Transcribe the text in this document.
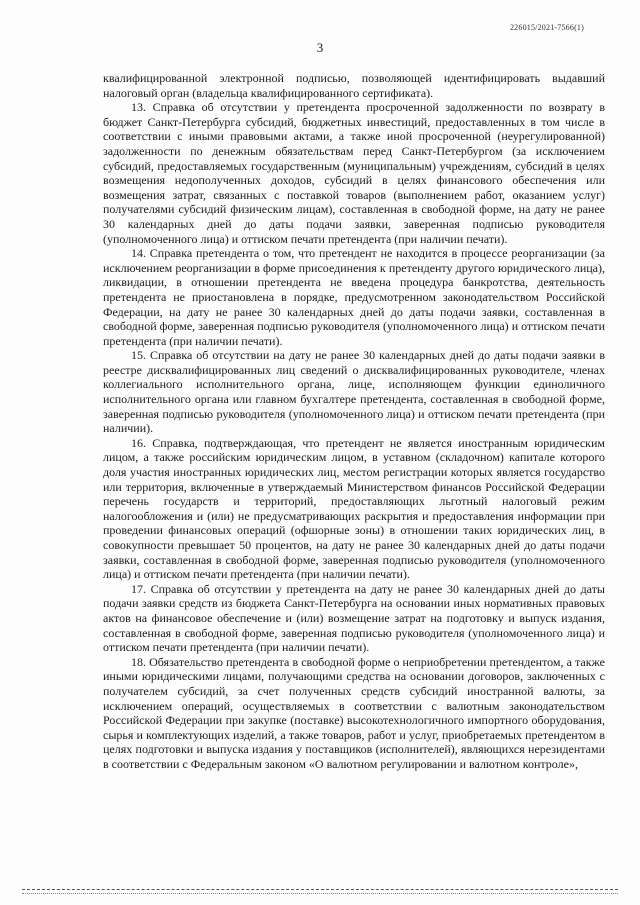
226015/2021-7566(1)
3

квалифицированной электронной подписью, позволяющей идентифицировать выдавший налоговый орган (владельца квалифицированного сертификата).

13. Справка об отсутствии у претендента просроченной задолженности по возврату в бюджет Санкт-Петербурга субсидий, бюджетных инвестиций, предоставленных в том числе в соответствии с иными правовыми актами, а также иной просроченной (неурегулированной) задолженности по денежным обязательствам перед Санкт-Петербургом (за исключением субсидий, предоставляемых государственным (муниципальным) учреждениям, субсидий в целях возмещения недополученных доходов, субсидий в целях финансового обеспечения или возмещения затрат, связанных с поставкой товаров (выполнением работ, оказанием услуг) получателями субсидий физическим лицам), составленная в свободной форме, на дату не ранее 30 календарных дней до даты подачи заявки, заверенная подписью руководителя (уполномоченного лица) и оттиском печати претендента (при наличии печати).

14. Справка претендента о том, что претендент не находится в процессе реорганизации (за исключением реорганизации в форме присоединения к претенденту другого юридического лица), ликвидации, в отношении претендента не введена процедура банкротства, деятельность претендента не приостановлена в порядке, предусмотренном законодательством Российской Федерации, на дату не ранее 30 календарных дней до даты подачи заявки, составленная в свободной форме, заверенная подписью руководителя (уполномоченного лица) и оттиском печати претендента (при наличии печати).

15. Справка об отсутствии на дату не ранее 30 календарных дней до даты подачи заявки в реестре дисквалифицированных лиц сведений о дисквалифицированных руководителе, членах коллегиального исполнительного органа, лице, исполняющем функции единоличного исполнительного органа или главном бухгалтере претендента, составленная в свободной форме, заверенная подписью руководителя (уполномоченного лица) и оттиском печати претендента (при наличии).

16. Справка, подтверждающая, что претендент не является иностранным юридическим лицом, а также российским юридическим лицом, в уставном (складочном) капитале которого доля участия иностранных юридических лиц, местом регистрации которых является государство или территория, включенные в утверждаемый Министерством финансов Российской Федерации перечень государств и территорий, предоставляющих льготный налоговый режим налогообложения и (или) не предусматривающих раскрытия и предоставления информации при проведении финансовых операций (офшорные зоны) в отношении таких юридических лиц, в совокупности превышает 50 процентов, на дату не ранее 30 календарных дней до даты подачи заявки, составленная в свободной форме, заверенная подписью руководителя (уполномоченного лица) и оттиском печати претендента (при наличии печати).

17. Справка об отсутствии у претендента на дату не ранее 30 календарных дней до даты подачи заявки средств из бюджета Санкт-Петербурга на основании иных нормативных правовых актов на финансовое обеспечение и (или) возмещение затрат на подготовку и выпуск издания, составленная в свободной форме, заверенная подписью руководителя (уполномоченного лица) и оттиском печати претендента (при наличии печати).

18. Обязательство претендента в свободной форме о неприобретении претендентом, а также иными юридическими лицами, получающими средства на основании договоров, заключенных с получателем субсидий, за счет полученных средств субсидий иностранной валюты, за исключением операций, осуществляемых в соответствии с валютным законодательством Российской Федерации при закупке (поставке) высокотехнологичного импортного оборудования, сырья и комплектующих изделий, а также товаров, работ и услуг, приобретаемых претендентом в целях подготовки и выпуска издания у поставщиков (исполнителей), являющихся нерезидентами в соответствии с Федеральным законом «О валютном регулировании и валютном контроле»,
